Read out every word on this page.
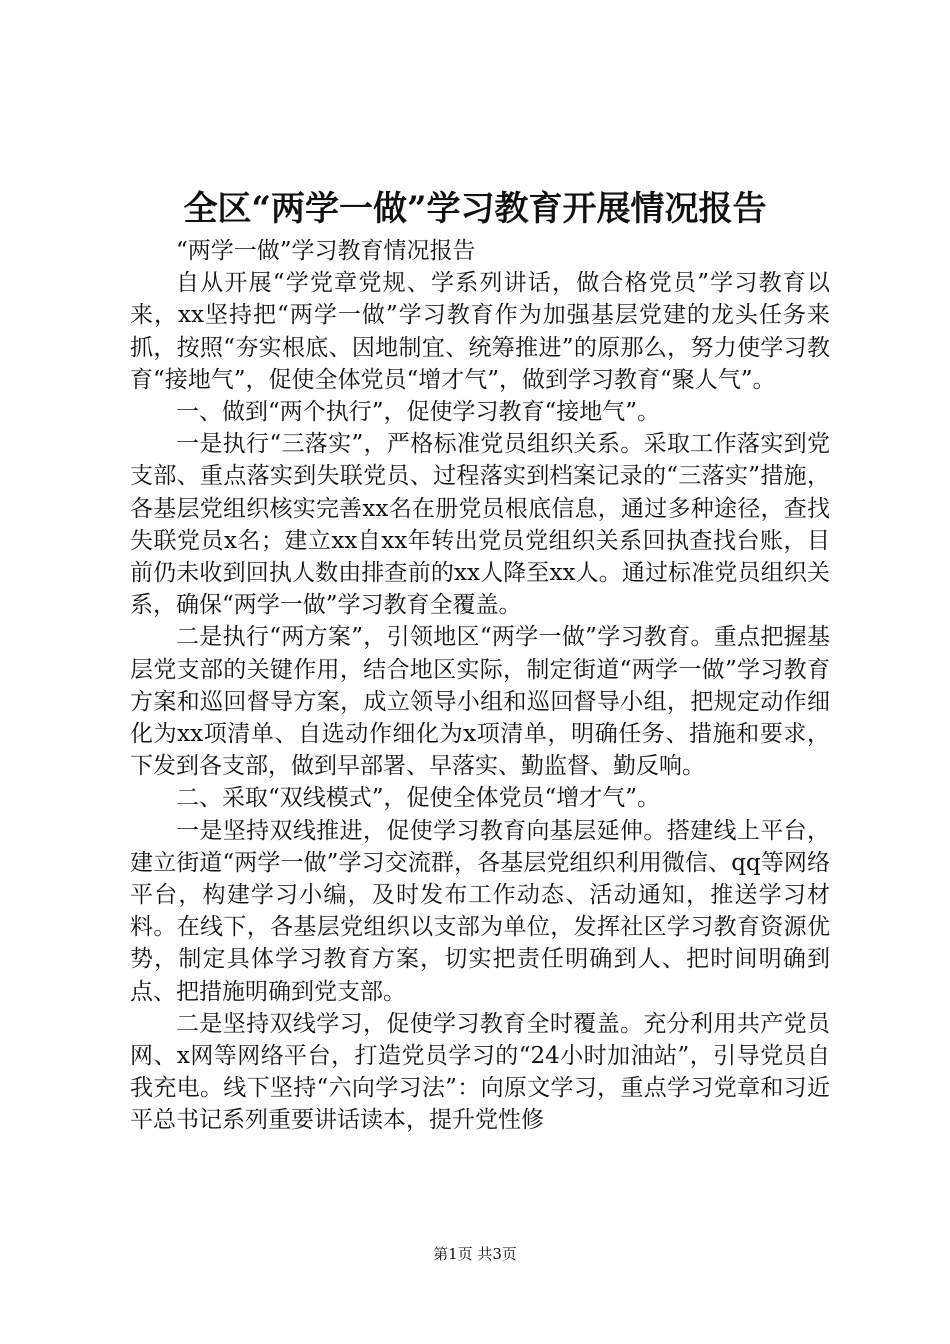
全区“两学一做”学习教育开展情况报告

“两学一做”学习教育情况报告

自从开展“学党章党规、学系列讲话，做合格党员”学习教育以来，xx坚持把“两学一做”学习教育作为加强基层党建的龙头任务来抓，按照“夯实根底、因地制宜、统筹推进”的原那么，努力使学习教育“接地气”，促使全体党员“增才气”，做到学习教育“聚人气”。

一、做到“两个执行”，促使学习教育“接地气”。

一是执行“三落实”，严格标准党员组织关系。采取工作落实到党支部、重点落实到失联党员、过程落实到档案记录的“三落实”措施，各基层党组织核实完善xx名在册党员根底信息，通过多种途径，查找失联党员x名；建立xx自xx年转出党员党组织关系回执查找台账，目前仍未收到回执人数由排查前的xx人降至xx人。通过标准党员组织关系，确保“两学一做”学习教育全覆盖。

二是执行“两方案”，引领地区“两学一做”学习教育。重点把握基层党支部的关键作用，结合地区实际，制定街道“两学一做”学习教育方案和巡回督导方案，成立领导小组和巡回督导小组，把规定动作细化为xx项清单、自选动作细化为x项清单，明确任务、措施和要求，下发到各支部，做到早部署、早落实、勤监督、勤反响。

二、采取“双线模式”，促使全体党员“增才气”。

一是坚持双线推进，促使学习教育向基层延伸。搭建线上平台，建立街道“两学一做”学习交流群，各基层党组织利用微信、qq等网络平台，构建学习小编，及时发布工作动态、活动通知，推送学习材料。在线下，各基层党组织以支部为单位，发挥社区学习教育资源优势，制定具体学习教育方案，切实把责任明确到人、把时间明确到点、把措施明确到党支部。

二是坚持双线学习，促使学习教育全时覆盖。充分利用共产党员网、x网等网络平台，打造党员学习的“24小时加油站”，引导党员自我充电。线下坚持“六向学习法”：向原文学习，重点学习党章和习近平总书记系列重要讲话读本，提升党性修

第1页 共3页
